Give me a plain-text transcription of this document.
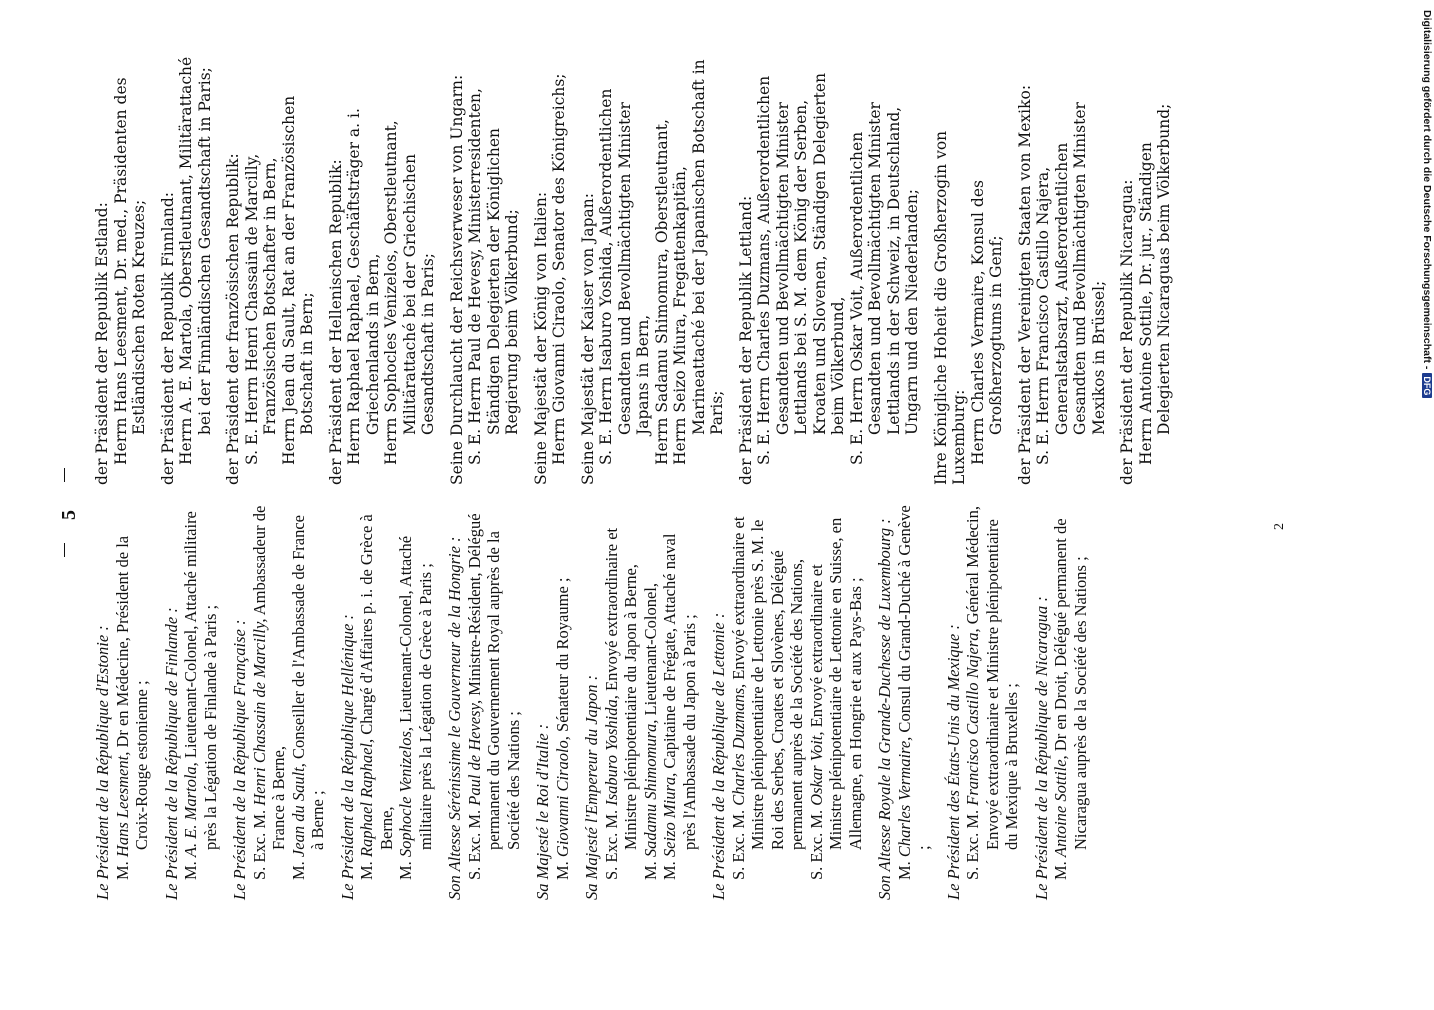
5
Le Président de la République d'Estonie : M. Hans Leesment, Dr en Médecine, Président de la Croix-Rouge estonienne ; Le Président de la République de Finlande : M. A. E. Martola, Lieutenant-Colonel, Attaché militaire près la Légation de Finlande à Paris ; Le Président de la République Française : S. Exc. M. Henri Chassain de Marcilly, Ambassadeur de France à Berne,
M. Jean du Sault, Conseiller de l'Ambassade de France à Berne ; Le Président de la République Hellénique : M. Raphael Raphael, Chargé d'Affaires p. i. de Grèce à Berne,
M. Sophocle Venizelos, Lieutenant-Colonel, Attaché militaire près la Légation de Grèce à Paris ; Son Altesse Sérénissime le Gouverneur de la Hongrie : S. Exc. M. Paul de Hevesy, Ministre-Résident, Délégué permanent du Gouvernement Royal auprès de la Société des Nations ; Sa Majesté le Roi d'Italie : M. Giovanni Ciraolo, Sénateur du Royaume ;
Sa Majesté l'Empereur du Japon : S. Exc. M. Isaburo Yoshida, Envoyé extraordinaire et Ministre plénipotentiaire du Japon à Berne,
M. Sadamu Shimomura, Lieutenant-Colonel,
M. Seizo Miura, Capitaine de Frégate, Attaché naval près l'Ambassade du Japon à Paris ; Le Président de la République de Lettonie : S. Exc. M. Charles Duzmans, Envoyé extraordinaire et Ministre plénipotentiaire de Lettonie près S. M. le Roi des Serbes, Croates et Slovènes, Délégué permanent auprès de la Société des Nations, S. Exc. M. Oskar Voit, Envoyé extraordinaire et Ministre plénipotentiaire de Lettonie en Suisse, en Allemagne, en Hongrie et aux Pays-Bas ; Son Altesse Royale la Grande-Duchesse de Luxembourg : M. Charles Vermaire, Consul du Grand-Duché à Genève ; Le Président des États-Unis du Mexique : S. Exc. M. Francisco Castillo Najera, Général Médecin, Envoyé extraordinaire et Ministre plénipotentiaire du Mexique à Bruxelles ; Le Président de la République de Nicaragua : M. Antoine Sottile, Dr en Droit, Délégué permanent de Nicaragua auprès de la Société des Nations ;
der Präsident der Republik Estland: Herrn Hans Leesment, Dr. med., Präsidenten des Estländischen Roten Kreuzes; der Präsident der Republik Finnland: Herrn A. E. Martola, Oberstleutnant, Militärattaché bei der Finnländischen Gesandtschaft in Paris; der Präsident der französischen Republik: S. E. Herrn Henri Chassain de Marcilly, Französischen Botschafter in Bern, Herrn Jean du Sault, Rat an der Französischen Botschaft in Bern; der Präsident der Hellenischen Republik: Herrn Raphael Raphael, Geschäftsträger a. i. Griechenlands in Bern, Herrn Sophocles Venizelos, Oberstleutnant, Militärattaché bei der Griechischen Gesandtschaft in Paris; Seine Durchlaucht der Reichsverweser von Ungarn: S. E. Herrn Paul de Hevesy, Ministerresidenten, Ständigen Delegierten der Königlichen Regierung beim Völkerbund; Seine Majestät der König von Italien: Herrn Giovanni Ciraolo, Senator des Königreichs;
Seine Majestät der Kaiser von Japan: S. E. Herrn Isaburo Yoshida, Außerordentlichen Gesandten und Bevollmächtigten Minister Japans in Bern, Herrn Sadamu Shimomura, Oberstleutnant,
Herrn Seizo Miura, Fregattenkapitän, Marineattaché bei der Japanischen Botschaft in Paris; der Präsident der Republik Lettland: S. E. Herrn Charles Duzmans, Außerordentlichen Gesandten und Bevollmächtigten Minister Lettlands bei S. M. dem König der Serben, Kroaten und Slovenen, Ständigen Delegierten beim Völkerbund, S. E. Herrn Oskar Voit, Außerordentlichen Gesandten und Bevollmächtigten Minister Lettlands in der Schweiz, in Deutschland, Ungarn und den Niederlanden; Ihre Königliche Hoheit die Großherzogin von Luxemburg: Herrn Charles Vermaire, Konsul des Großherzogtums in Genf; der Präsident der Vereinigten Staaten von Mexiko: S. E. Herrn Francisco Castillo Najera, Generalstabsarzt, Außerordentlichen Gesandten und Bevollmächtigten Minister Mexikos in Brüssel; der Präsident der Republik Nicaragua: Herrn Antoine Sottile, Dr. jur., Ständigen Delegierten Nicaraguas beim Völkerbund;
2
Digitalisierung gefördert durch die Deutsche Forschungsgemeinschaft -DFG
